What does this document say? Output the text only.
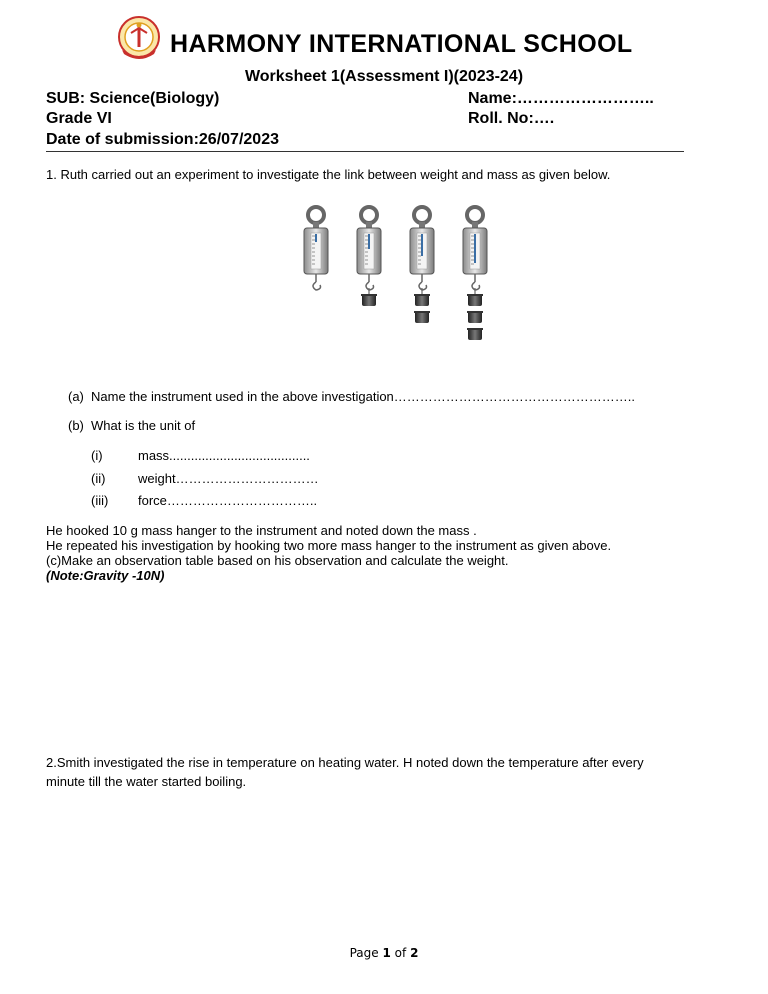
HARMONY INTERNATIONAL SCHOOL
Worksheet 1(Assessment I)(2023-24)
SUB: Science(Biology)	Name:……………………..
Grade VI	Roll. No:….
Date of submission:26/07/2023
1. Ruth carried out an experiment to investigate the link between weight and mass as given below.
(a) Name the instrument used in the above investigation………………………………………………..
(b) What is the unit of
(i)	mass.......................................
(ii)	weight……………………………
(iii) force……………………………..
He hooked 10 g mass hanger to the instrument and noted down the mass .
He repeated his investigation by hooking two more mass hanger to the instrument as given above.
(c)Make an observation table based on his observation and calculate the weight.
(Note:Gravity -10N)
2.Smith investigated the rise in temperature on heating water. H noted down the temperature after every
minute till the water started boiling.
Page 1 of 2
